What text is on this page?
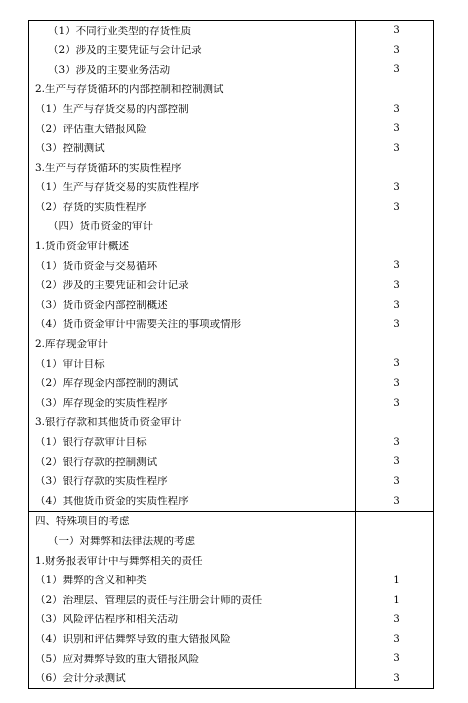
（1）不同行业类型的存货性质	3
（2）涉及的主要凭证与会计记录	3
（3）涉及的主要业务活动	3
2.生产与存货循环的内部控制和控制测试
（1）生产与存货交易的内部控制	3
（2）评估重大错报风险	3
（3）控制测试	3
3.生产与存货循环的实质性程序
（1）生产与存货交易的实质性程序	3
（2）存货的实质性程序	3
（四）货币资金的审计
1.货币资金审计概述
（1）货币资金与交易循环	3
（2）涉及的主要凭证和会计记录	3
（3）货币资金内部控制概述	3
（4）货币资金审计中需要关注的事项或情形	3
2.库存现金审计
（1）审计目标	3
（2）库存现金内部控制的测试	3
（3）库存现金的实质性程序	3
3.银行存款和其他货币资金审计
（1）银行存款审计目标	3
（2）银行存款的控制测试	3
（3）银行存款的实质性程序	3
（4）其他货币资金的实质性程序	3
四、特殊项目的考虑
（一）对舞弊和法律法规的考虑
1.财务报表审计中与舞弊相关的责任
（1）舞弊的含义和种类	1
（2）治理层、管理层的责任与注册会计师的责任	1
（3）风险评估程序和相关活动	3
（4）识别和评估舞弊导致的重大错报风险	3
（5）应对舞弊导致的重大错报风险	3
（6）会计分录测试	3
